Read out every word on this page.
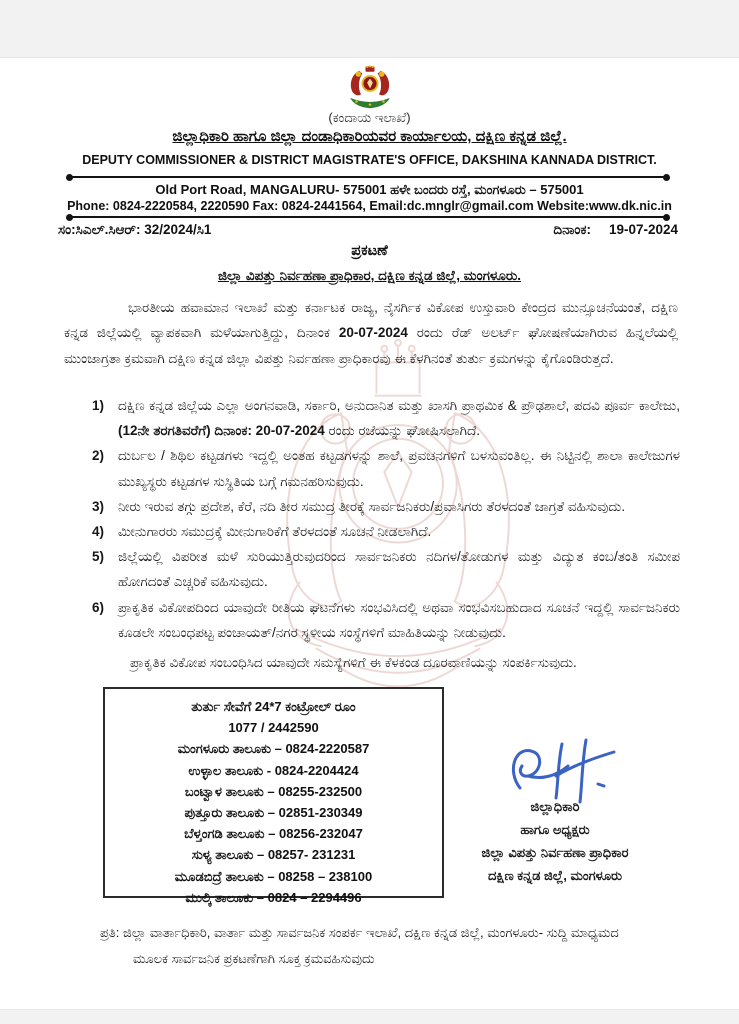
(ಕಂದಾಯ ಇಲಾಖೆ)
ಜಿಲ್ಲಾಧಿಕಾರಿ ಹಾಗೂ ಜಿಲ್ಲಾ ದಂಡಾಧಿಕಾರಿಯವರ ಕಾರ್ಯಾಲಯ, ದಕ್ಷಿಣ ಕನ್ನಡ ಜಿಲ್ಲೆ.
DEPUTY COMMISSIONER & DISTRICT MAGISTRATE'S OFFICE, DAKSHINA KANNADA DISTRICT.
Old Port Road, MANGALURU- 575001 ಹಳೇ ಬಂದರು ರಸ್ತೆ, ಮಂಗಳೂರು – 575001
Phone: 0824-2220584, 2220590 Fax: 0824-2441564, Email:dc.mnglr@gmail.com Website:www.dk.nic.in
ಸಂ:ಸಿಎಲ್.ಸಿಆರ್: 32/2024/ಸಿ1	ದಿನಾಂಕ: 19-07-2024
ಪ್ರಕಟಣೆ
ಜಿಲ್ಲಾ ವಿಪತ್ತು ನಿರ್ವಹಣಾ ಪ್ರಾಧಿಕಾರ, ದಕ್ಷಿಣ ಕನ್ನಡ ಜಿಲ್ಲೆ, ಮಂಗಳೂರು.
ಭಾರತೀಯ ಹವಾಮಾನ ಇಲಾಖೆ ಮತ್ತು ಕರ್ನಾಟಕ ರಾಜ್ಯ, ನೈಸರ್ಗಿಕ ವಿಕೋಪ ಉಸ್ತುವಾರಿ ಕೇಂದ್ರದ ಮುನ್ಸೂಚನೆಯಂತೆ, ದಕ್ಷಿಣ ಕನ್ನಡ ಜಿಲ್ಲೆಯಲ್ಲಿ ವ್ಯಾಪಕವಾಗಿ ಮಳೆಯಾಗುತ್ತಿದ್ದು, ದಿನಾಂಕ 20-07-2024 ರಂದು ರೆಡ್ ಅಲರ್ಟ್ ಘೋಷಣೆಯಾಗಿರುವ ಹಿನ್ನಲೆಯಲ್ಲಿ ಮುಂಜಾಗ್ರತಾ ಕ್ರಮವಾಗಿ ದಕ್ಷಿಣ ಕನ್ನಡ ಜಿಲ್ಲಾ ವಿಪತ್ತು ನಿರ್ವಹಣಾ ಪ್ರಾಧಿಕಾರವು ಈ ಕೆಳಗಿನಂತೆ ತುರ್ತು ಕ್ರಮಗಳನ್ನು ಕೈಗೊಂಡಿರುತ್ತದೆ.
1)	ದಕ್ಷಿಣ ಕನ್ನಡ ಜಿಲ್ಲೆಯ ಎಲ್ಲಾ ಅಂಗನವಾಡಿ, ಸರ್ಕಾರಿ, ಅನುದಾನಿತ ಮತ್ತು ಖಾಸಗಿ ಪ್ರಾಥಮಿಕ & ಪ್ರೌಢಶಾಲೆ, ಪದವಿ ಪೂರ್ವ ಕಾಲೇಜು, (12ನೇ ತರಗತಿವರೆಗೆ) ದಿನಾಂಕ: 20-07-2024 ರಂದು ರಜೆಯನ್ನು ಘೋಷಿಸಲಾಗಿದೆ.
2)	ದುರ್ಬಲ / ಶಿಥಿಲ ಕಟ್ಟಡಗಳು ಇದ್ದಲ್ಲಿ ಅಂತಹ ಕಟ್ಟಡಗಳನ್ನು ಶಾಲೆ, ಪ್ರವಚನಗಳಿಗೆ ಬಳಸುವಂತಿಲ್ಲ. ಈ ನಿಟ್ಟಿನಲ್ಲಿ ಶಾಲಾ ಕಾಲೇಜುಗಳ ಮುಖ್ಯಸ್ಥರು ಕಟ್ಟಡಗಳ ಸುಸ್ಥಿತಿಯ ಬಗ್ಗೆ ಗಮನಹರಿಸುವುದು.
3)	ನೀರು ಇರುವ ತಗ್ಗು ಪ್ರದೇಶ, ಕೆರೆ, ನದಿ ತೀರ ಸಮುದ್ರ ತೀರಕ್ಕೆ ಸಾರ್ವಜನಿಕರು/ಪ್ರವಾಸಿಗರು ತೆರಳದಂತೆ ಜಾಗ್ರತೆ ವಹಿಸುವುದು.
4)	ಮೀನುಗಾರರು ಸಮುದ್ರಕ್ಕೆ ಮೀನುಗಾರಿಕೆಗೆ ತೆರಳದಂತೆ ಸೂಚನೆ ನೀಡಲಾಗಿದೆ.
5)	ಜಿಲ್ಲೆಯಲ್ಲಿ ವಿಪರೀತ ಮಳೆ ಸುರಿಯುತ್ತಿರುವುದರಿಂದ ಸಾರ್ವಜನಿಕರು ನದಿಗಳ/ತೋಡುಗಳ ಮತ್ತು ವಿದ್ಯುತ ಕಂಬ/ತಂತಿ ಸಮೀಪ ಹೋಗದಂತೆ ಎಚ್ಚರಿಕೆ ವಹಿಸುವುದು.
6)	ಪ್ರಾಕೃತಿಕ ವಿಕೋಪದಿಂದ ಯಾವುದೇ ರೀತಿಯ ಘಟನೆಗಳು ಸಂಭವಿಸಿದಲ್ಲಿ ಅಥವಾ ಸಂಭವಿಸಬಹುದಾದ ಸೂಚನೆ ಇದ್ದಲ್ಲಿ ಸಾರ್ವಜನಿಕರು ಕೂಡಲೇ ಸಂಬಂಧಪಟ್ಟ ಪಂಚಾಯತ್/ನಗರ ಸ್ಥಳೀಯ ಸಂಸ್ಥೆಗಳಿಗೆ ಮಾಹಿತಿಯನ್ನು ನೀಡುವುದು.
ಪ್ರಾಕೃತಿಕ ವಿಕೋಪ ಸಂಬಂಧಿಸಿದ ಯಾವುದೇ ಸಮಸ್ಯೆಗಳಿಗೆ ಈ ಕೆಳಕಂಡ ದೂರವಾಣಿಯನ್ನು ಸಂಪರ್ಕಿಸುವುದು.
ತುರ್ತು ಸೇವೆಗೆ 24*7 ಕಂಟ್ರೋಲ್ ರೂಂ
1077 / 2442590
ಮಂಗಳೂರು ತಾಲೂಕು – 0824-2220587
ಉಳ್ಳಾಲ ತಾಲೂಕು - 0824-2204424
ಬಂಟ್ವಾಳ ತಾಲೂಕು – 08255-232500
ಪುತ್ತೂರು ತಾಲೂಕು – 02851-230349
ಬೆಳ್ತಂಗಡಿ ತಾಲೂಕು – 08256-232047
ಸುಳ್ಯ ತಾಲೂಕು – 08257- 231231
ಮೂಡಬಿದ್ರೆ ತಾಲೂಕು – 08258 – 238100
ಮುಲ್ಕಿ ತಾಲೂಕು – 0824 – 2294496
ಜಿಲ್ಲಾಧಿಕಾರಿ
ಹಾಗೂ ಅಧ್ಯಕ್ಷರು
ಜಿಲ್ಲಾ ವಿಪತ್ತು ನಿರ್ವಹಣಾ ಪ್ರಾಧಿಕಾರ
ದಕ್ಷಿಣ ಕನ್ನಡ ಜಿಲ್ಲೆ, ಮಂಗಳೂರು
ಪ್ರತಿ: ಜಿಲ್ಲಾ ವಾರ್ತಾಧಿಕಾರಿ, ವಾರ್ತಾ ಮತ್ತು ಸಾರ್ವಜನಿಕ ಸಂಪರ್ಕ ಇಲಾಖೆ, ದಕ್ಷಿಣ ಕನ್ನಡ ಜಿಲ್ಲೆ, ಮಂಗಳೂರು- ಸುದ್ದಿ ಮಾಧ್ಯಮದ
ಮೂಲಕ ಸಾರ್ವಜನಿಕ ಪ್ರಕಟಣೆಗಾಗಿ ಸೂಕ್ತ ಕ್ರಮವಹಿಸುವುದು
